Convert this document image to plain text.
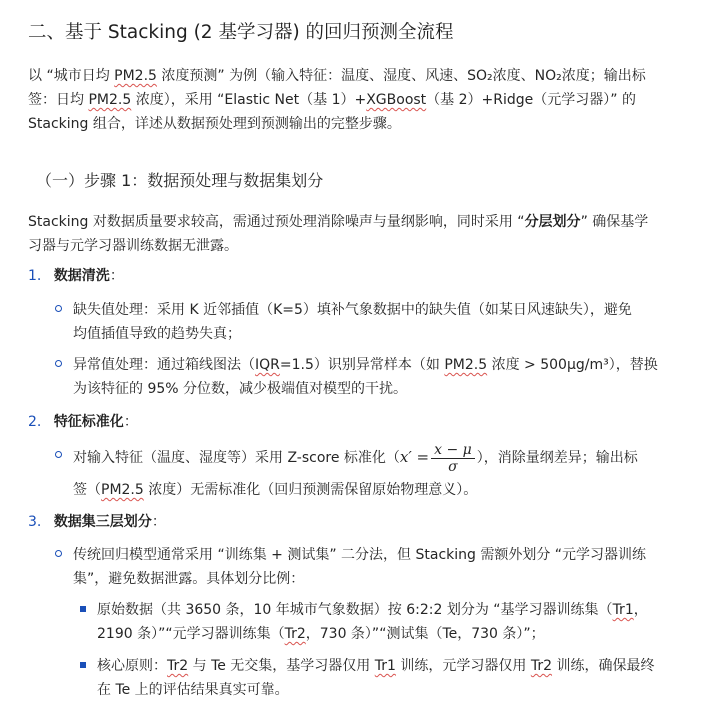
二、基于 Stacking (2 基学习器) 的回归预测全流程
以 “城市日均 PM2.5 浓度预测” 为例（输入特征：温度、湿度、风速、SO₂浓度、NO₂浓度；输出标
签：日均 PM2.5 浓度），采用 “Elastic Net（基 1）+XGBoost（基 2）+Ridge（元学习器）” 的
Stacking 组合，详述从数据预处理到预测输出的完整步骤。
（一）步骤 1：数据预处理与数据集划分
Stacking 对数据质量要求较高，需通过预处理消除噪声与量纲影响，同时采用 “分层划分” 确保基学
习器与元学习器训练数据无泄露。
1. 数据清洗：
缺失值处理：采用 K 近邻插值（K=5）填补气象数据中的缺失值（如某日风速缺失），避免
均值插值导致的趋势失真；
异常值处理：通过箱线图法（IQR=1.5）识别异常样本（如 PM2.5 浓度 > 500μg/m³），替换
为该特征的 95% 分位数，减少极端值对模型的干扰。
2. 特征标准化：
对输入特征（温度、湿度等）采用 Z-score 标准化（$x' = \frac{x - \mu}{\sigma}$ ），消除量纲差异；输出标
签（PM2.5 浓度）无需标准化（回归预测需保留原始物理意义）。
3. 数据集三层划分：
传统回归模型通常采用 “训练集 + 测试集” 二分法，但 Stacking 需额外划分 “元学习器训练
集”，避免数据泄露。具体划分比例：
原始数据（共 3650 条，10 年城市气象数据）按 6:2:2 划分为 “基学习器训练集（Tr1，
2190 条）”“元学习器训练集（Tr2，730 条）”“测试集（Te，730 条）”；
核心原则：Tr2 与 Te 无交集，基学习器仅用 Tr1 训练，元学习器仅用 Tr2 训练，确保最终
在 Te 上的评估结果真实可靠。
